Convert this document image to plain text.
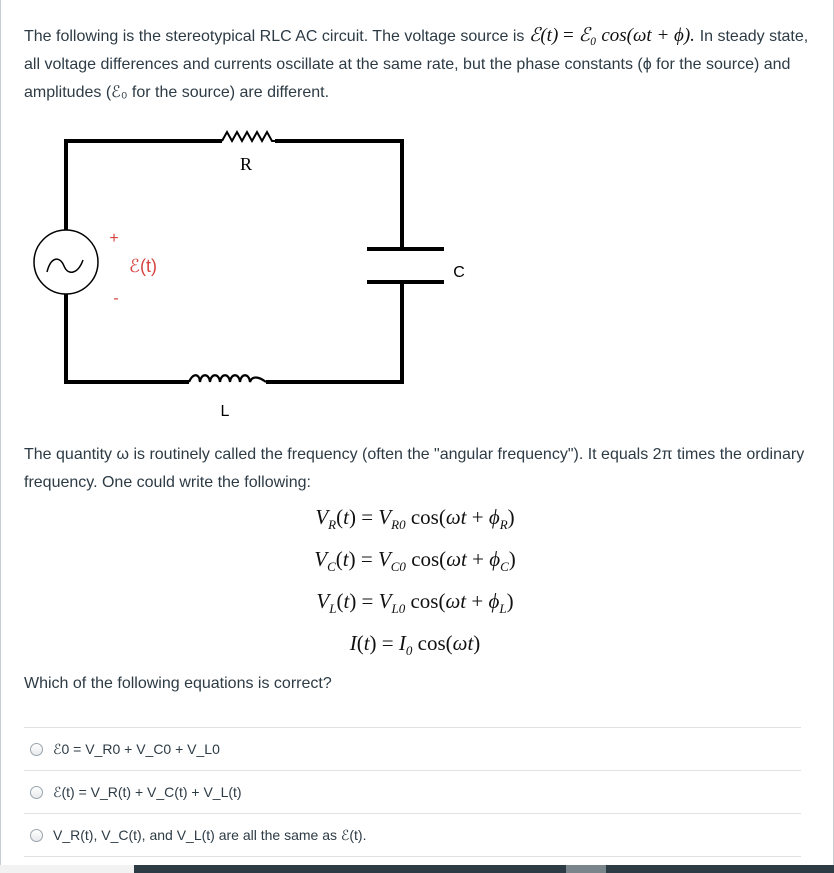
The following is the stereotypical RLC AC circuit. The voltage source is ℰ(t) = ℰ₀ cos(ωt + ϕ). In steady state, all voltage differences and currents oscillate at the same rate, but the phase constants (ϕ for the source) and amplitudes (ℰ₀ for the source) are different.
R
C
L
+
ℰ(t)
-
The quantity ω is routinely called the frequency (often the "angular frequency"). It equals 2π times the ordinary frequency. One could write the following:
$V_R(t) = V_{R0}$ $\cos(\omega t + \phi_R)$
$V_C(t) = V_{C0}$ $\cos(\omega t + \phi_C)$
$V_L(t) = V_{L0}$ $\cos(\omega t + \phi_L)$
$I(t) = I_0$ cos(ωt)
Which of the following equations is correct?
ℰ0 = V_R0 + V_C0 + V_L0
ℰ(t) = V_R(t) + V_C(t) + V_L(t)
V_R(t), V_C(t), and V_L(t) are all the same as ℰ(t).
